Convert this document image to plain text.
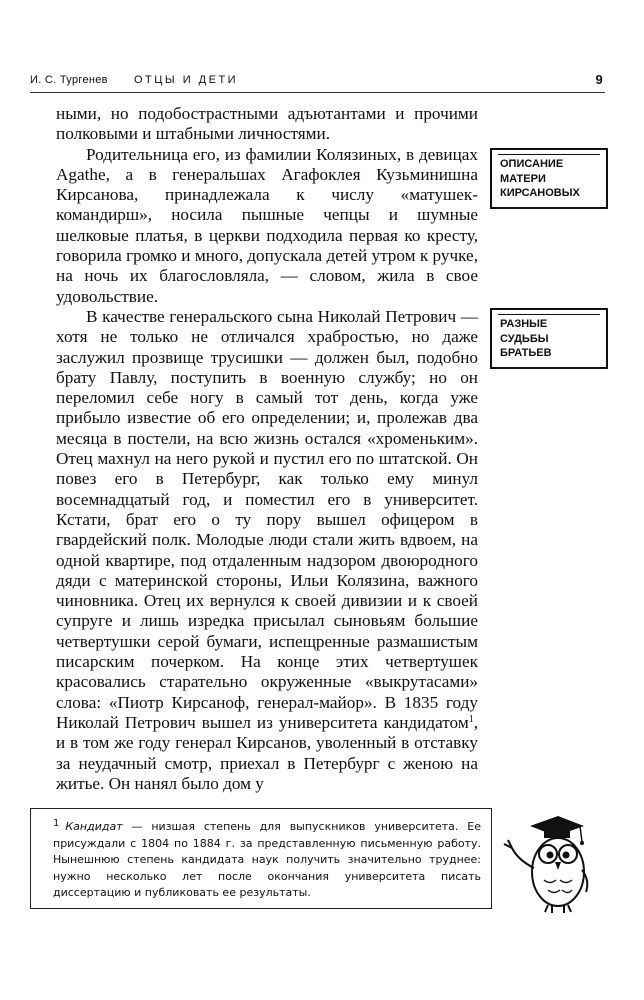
И. С. Тургенев ОТЦЫ И ДЕТИ	9

ными, но подобострастными адъютантами и прочими полковыми и штабными личностями.

Родительница его, из фамилии Колязиных, в девицах Agathe, а в генеральшах Агафоклея Кузьминишна Кирсанова, принадлежала к числу «матушек-командирш», носила пышные чепцы и шумные шелковые платья, в церкви подходила первая ко кресту, говорила громко и много, допускала детей утром к ручке, на ночь их благословляла, — словом, жила в свое удовольствие.

В качестве генеральского сына Николай Петрович — хотя не только не отличался храбростью, но даже заслужил прозвище трусишки — должен был, подобно брату Павлу, поступить в военную службу; но он переломил себе ногу в самый тот день, когда уже прибыло известие об его определении; и, пролежав два месяца в постели, на всю жизнь остался «хроменьким». Отец махнул на него рукой и пустил его по штатской. Он повез его в Петербург, как только ему минул восемнадцатый год, и поместил его в университет. Кстати, брат его о ту пору вышел офицером в гвардейский полк. Молодые люди стали жить вдвоем, на одной квартире, под отдаленным надзором двоюродного дяди с материнской стороны, Ильи Колязина, важного чиновника. Отец их вернулся к своей дивизии и к своей супруге и лишь изредка присылал сыновьям большие четвертушки серой бумаги, испещренные размашистым писарским почерком. На конце этих четвертушек красовались старательно окруженные «выкрутасами» слова: «Пиотр Кирсаноф, генерал-майор». В 1835 году Николай Петрович вышел из университета кандидатом$^1$, и в том же году генерал Кирсанов, уволенный в отставку за неудачный смотр, приехал в Петербург с женою на житье. Он нанял было дом у

ОПИСАНИЕ
МАТЕРИ
КИРСАНОВЫХ
РАЗНЫЕ
СУДЬБЫ
БРАТЬЕВ

1 Кандидат — низшая степень для выпускников университета. Ее присуждали с 1804 по 1884 г. за представленную письменную работу. Нынешнюю степень кандидата наук получить значительно труднее: нужно несколько лет после окончания университета писать диссертацию и публиковать ее результаты.
